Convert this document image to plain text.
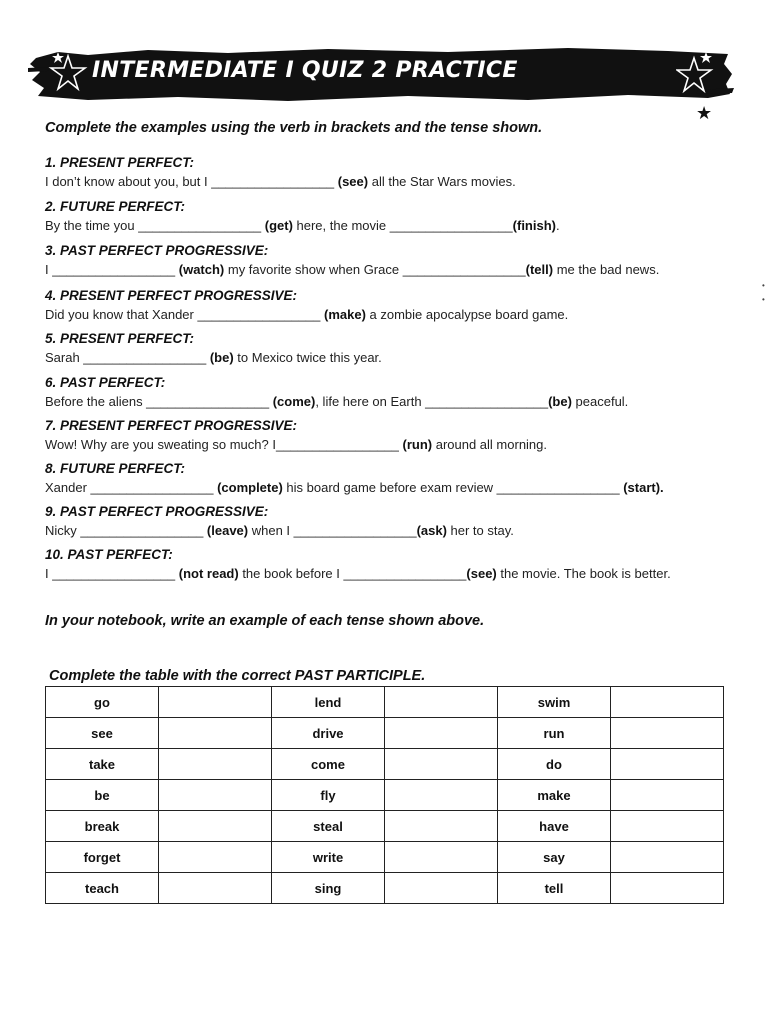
INTERMEDIATE I QUIZ 2 PRACTICE
★
•
•
Complete the examples using the verb in brackets and the tense shown.
1. PRESENT PERFECT:
I don’t know about you, but I _________________ (see) all the Star Wars movies.
2. FUTURE PERFECT:
By the time you _________________ (get) here, the movie _________________(finish).
3. PAST PERFECT PROGRESSIVE:
I _________________ (watch) my favorite show when Grace _________________(tell) me the bad news.
4. PRESENT PERFECT PROGRESSIVE:
Did you know that Xander _________________ (make) a zombie apocalypse board game.
5. PRESENT PERFECT:
Sarah _________________ (be) to Mexico twice this year.
6. PAST PERFECT:
Before the aliens _________________ (come), life here on Earth _________________(be) peaceful.
7. PRESENT PERFECT PROGRESSIVE:
Wow! Why are you sweating so much? I_________________ (run) around all morning.
8. FUTURE PERFECT:
Xander _________________ (complete) his board game before exam review _________________ (start).
9. PAST PERFECT PROGRESSIVE:
Nicky _________________ (leave) when I _________________(ask) her to stay.
10. PAST PERFECT:
I _________________ (not read) the book before I _________________(see) the movie. The book is better.
In your notebook, write an example of each tense shown above.
Complete the table with the correct PAST PARTICIPLE.
go		lend		swim	
see		drive		run	
take		come		do	
be		fly		make	
break		steal		have	
forget		write		say	
teach		sing		tell	
